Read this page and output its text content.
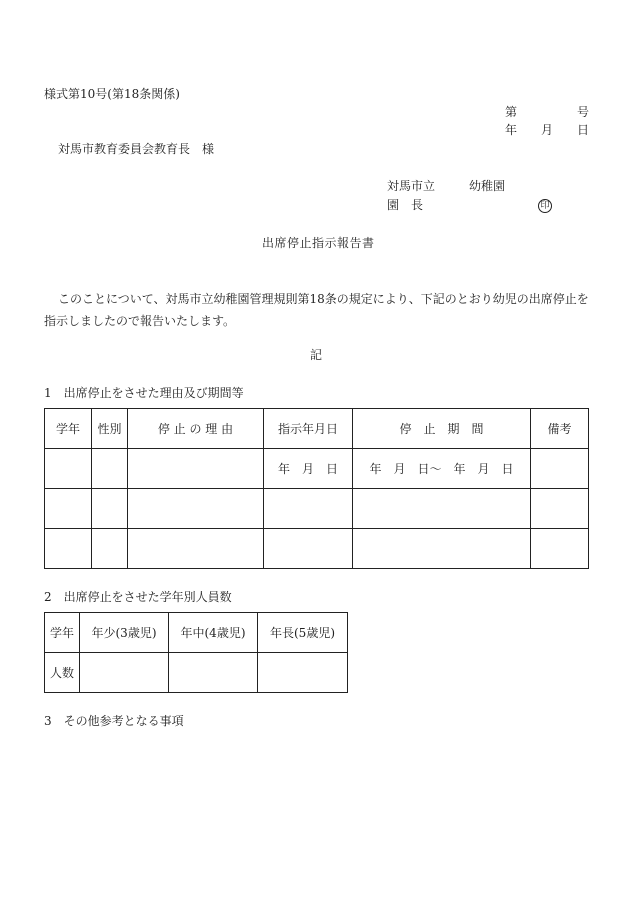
様式第10号(第18条関係)
第	号
年 月 日
対馬市教育委員会教育長　様
対馬市立	幼稚園
園　長	印
出席停止指示報告書
このことについて、対馬市立幼稚園管理規則第18条の規定により、下記のとおり幼児の出席停止を指示しましたので報告いたします。
記
1　出席停止をさせた理由及び期間等
学年	性別	停 止 の 理 由	指示年月日	停　止　期　間	備考
			年　月　日	年　月　日〜　年　月　日	

2　出席停止をさせた学年別人員数
学年	年少(3歳児)	年中(4歳児)	年長(5歳児)
人数			
3　その他参考となる事項
